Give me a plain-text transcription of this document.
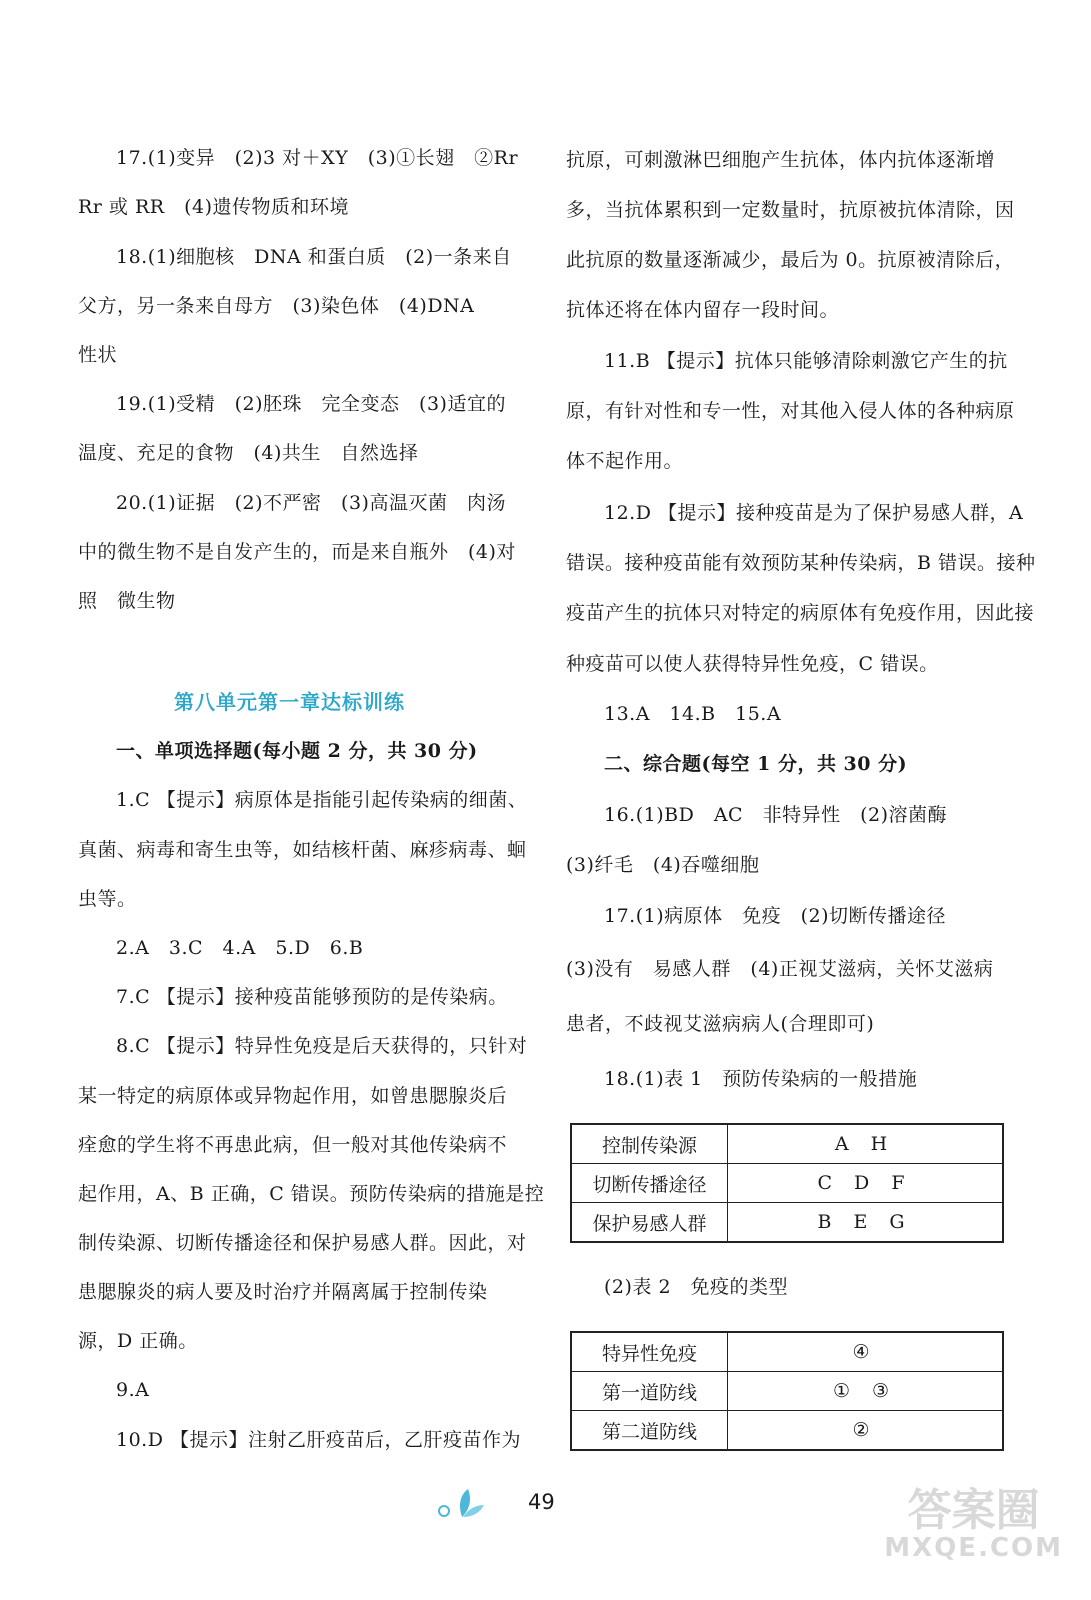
17.(1)变异　(2)3 对＋XY　(3)①长翅　②Rr
Rr 或 RR　(4)遗传物质和环境
18.(1)细胞核　DNA 和蛋白质　(2)一条来自
父方，另一条来自母方　(3)染色体　(4)DNA
性状
19.(1)受精　(2)胚珠　完全变态　(3)适宜的
温度、充足的食物　(4)共生　自然选择
20.(1)证据　(2)不严密　(3)高温灭菌　肉汤
中的微生物不是自发产生的，而是来自瓶外　(4)对
照　微生物
第八单元第一章达标训练
一、单项选择题(每小题 2 分，共 30 分)
1.C 【提示】病原体是指能引起传染病的细菌、
真菌、病毒和寄生虫等，如结核杆菌、麻疹病毒、蛔
虫等。
2.A　3.C　4.A　5.D　6.B
7.C 【提示】接种疫苗能够预防的是传染病。
8.C 【提示】特异性免疫是后天获得的，只针对
某一特定的病原体或异物起作用，如曾患腮腺炎后
痊愈的学生将不再患此病，但一般对其他传染病不
起作用，A、B 正确，C 错误。预防传染病的措施是控
制传染源、切断传播途径和保护易感人群。因此，对
患腮腺炎的病人要及时治疗并隔离属于控制传染
源，D 正确。
9.A
10.D 【提示】注射乙肝疫苗后，乙肝疫苗作为
抗原，可刺激淋巴细胞产生抗体，体内抗体逐渐增
多，当抗体累积到一定数量时，抗原被抗体清除，因
此抗原的数量逐渐减少，最后为 0。抗原被清除后，
抗体还将在体内留存一段时间。
11.B 【提示】抗体只能够清除刺激它产生的抗
原，有针对性和专一性，对其他入侵人体的各种病原
体不起作用。
12.D 【提示】接种疫苗是为了保护易感人群，A
错误。接种疫苗能有效预防某种传染病，B 错误。接种
疫苗产生的抗体只对特定的病原体有免疫作用，因此接
种疫苗可以使人获得特异性免疫，C 错误。
13.A　14.B　15.A
二、综合题(每空 1 分，共 30 分)
16.(1)BD　AC　非特异性　(2)溶菌酶
(3)纤毛　(4)吞噬细胞
17.(1)病原体　免疫　(2)切断传播途径
(3)没有　易感人群　(4)正视艾滋病，关怀艾滋病
患者，不歧视艾滋病病人(合理即可)
18.(1)表 1　预防传染病的一般措施
控制传染源	A H
切断传播途径	C D F
保护易感人群	B E G
(2)表 2　免疫的类型
特异性免疫	④
第一道防线	① ③
第二道防线	②
49	答案圈
MXQE.COM
